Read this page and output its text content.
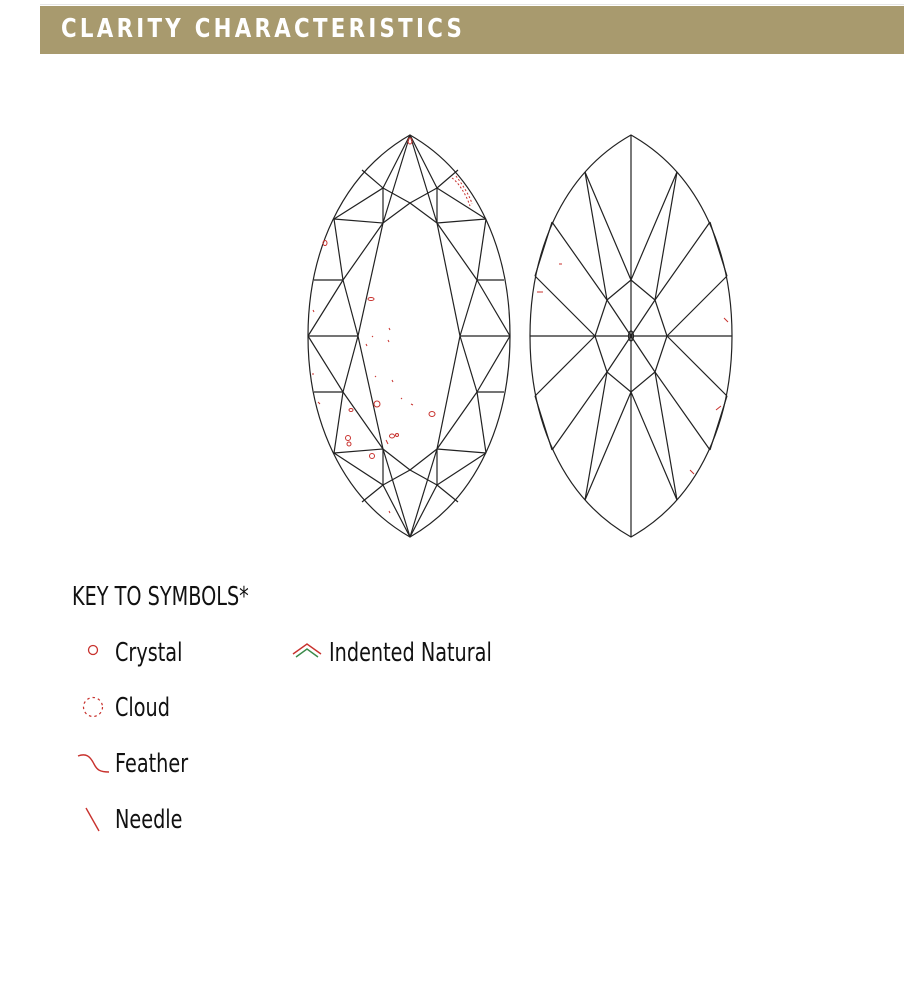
CLARITY CHARACTERISTICS
KEY TO SYMBOLS*
Crystal
Cloud
Feather
Needle
Indented Natural
